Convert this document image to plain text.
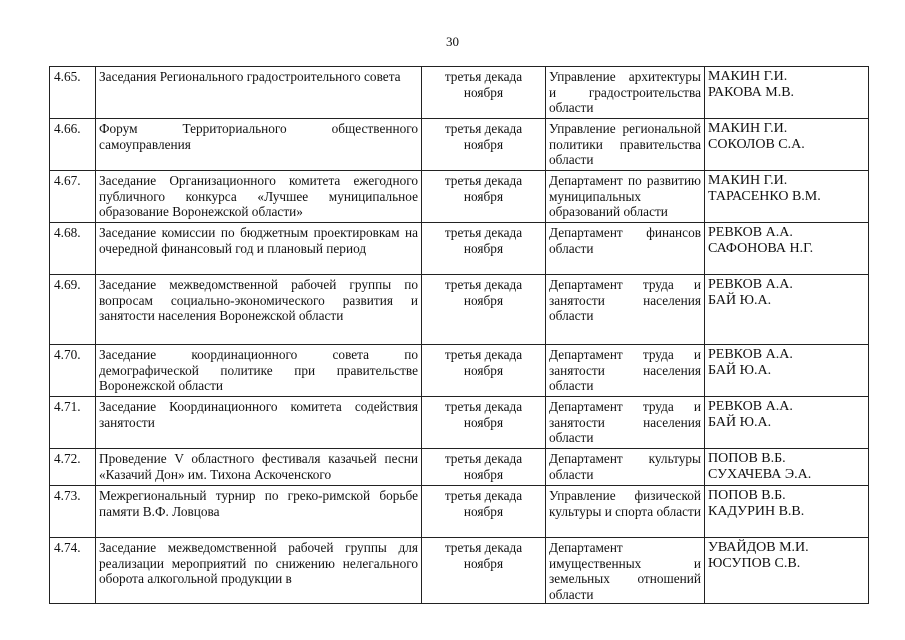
30
4.65.	Заседания Регионального градостроительного совета	третья декада ноября	Управление архитектуры и градостроительства области	МАКИН Г.И.
РАКОВА М.В.

4.66.	Форум Территориального общественного самоуправления	третья декада ноября	Управление региональной политики правительства области	МАКИН Г.И.
СОКОЛОВ С.А.

4.67.	Заседание Организационного комитета ежегодного публичного конкурса «Лучшее муниципальное образование Воронежской области»	третья декада ноября	Департамент по развитию муниципальных образований области	МАКИН Г.И.
ТАРАСЕНКО В.М.

4.68.	Заседание комиссии по бюджетным проектировкам на очередной финансовый год и плановый период	третья декада ноября	Департамент финансов области	РЕВКОВ А.А.
САФОНОВА Н.Г.

4.69.	Заседание межведомственной рабочей группы по вопросам социально-экономического развития и занятости населения Воронежской области	третья декада ноября	Департамент труда и занятости населения области	РЕВКОВ А.А.
БАЙ Ю.А.

4.70.	Заседание координационного совета по демографической политике при правительстве Воронежской области	третья декада ноября	Департамент труда и занятости населения области	РЕВКОВ А.А.
БАЙ Ю.А.

4.71.	Заседание Координационного комитета содействия занятости	третья декада ноября	Департамент труда и занятости населения области	РЕВКОВ А.А.
БАЙ Ю.А.

4.72.	Проведение V областного фестиваля казачьей песни «Казачий Дон» им. Тихона Аскоченского	третья декада ноября	Департамент культуры области	ПОПОВ В.Б.
СУХАЧЕВА Э.А.

4.73.	Межрегиональный турнир по греко-римской борьбе памяти В.Ф. Ловцова	третья декада ноября	Управление физической культуры и спорта области	ПОПОВ В.Б.
КАДУРИН В.В.

4.74.	Заседание межведомственной рабочей группы для реализации мероприятий по снижению нелегального оборота алкогольной продукции в	третья декада ноября	Департамент имущественных и земельных отношений области	УВАЙДОВ М.И.
ЮСУПОВ С.В.
